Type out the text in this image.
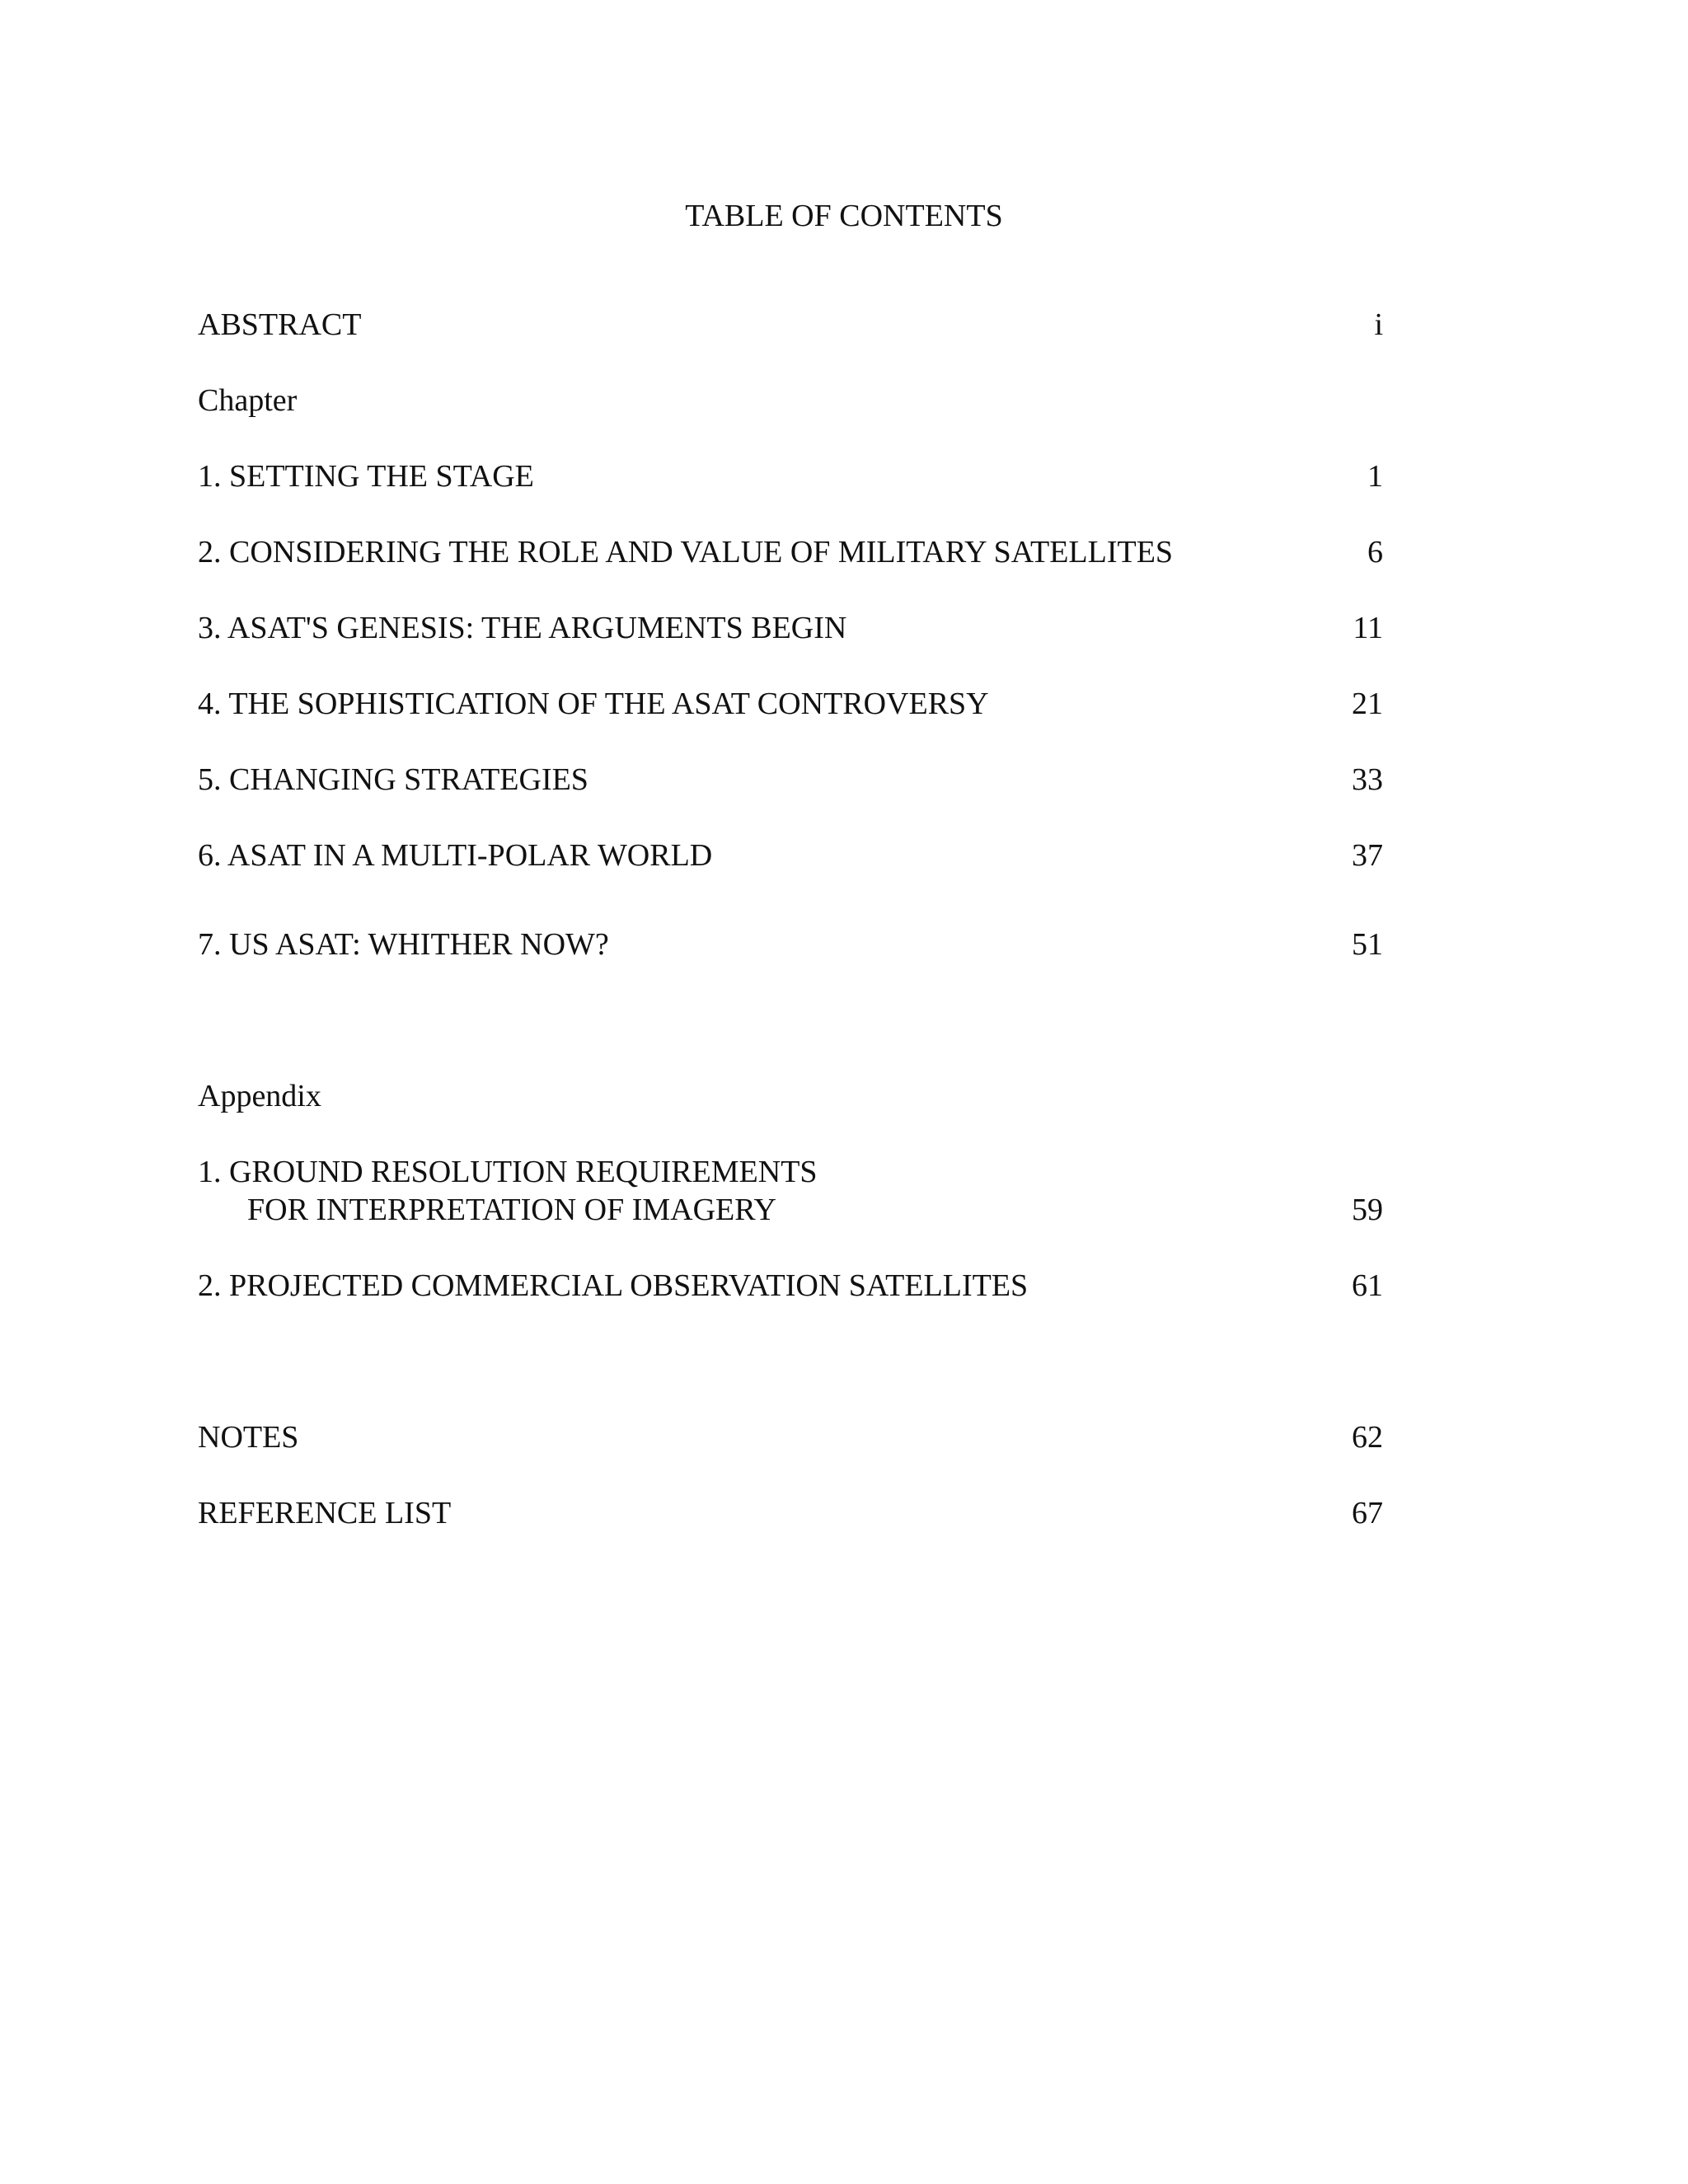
TABLE OF CONTENTS
ABSTRACT	i
Chapter
1. SETTING THE STAGE	1
2. CONSIDERING THE ROLE AND VALUE OF MILITARY SATELLITES	6
3. ASAT'S GENESIS: THE ARGUMENTS BEGIN	11
4. THE SOPHISTICATION OF THE ASAT CONTROVERSY	21
5. CHANGING STRATEGIES	33
6. ASAT IN A MULTI-POLAR WORLD	37
7. US ASAT: WHITHER NOW?	51
Appendix
1. GROUND RESOLUTION REQUIREMENTS
FOR INTERPRETATION OF IMAGERY	59
2. PROJECTED COMMERCIAL OBSERVATION SATELLITES	61
NOTES	62
REFERENCE LIST	67
